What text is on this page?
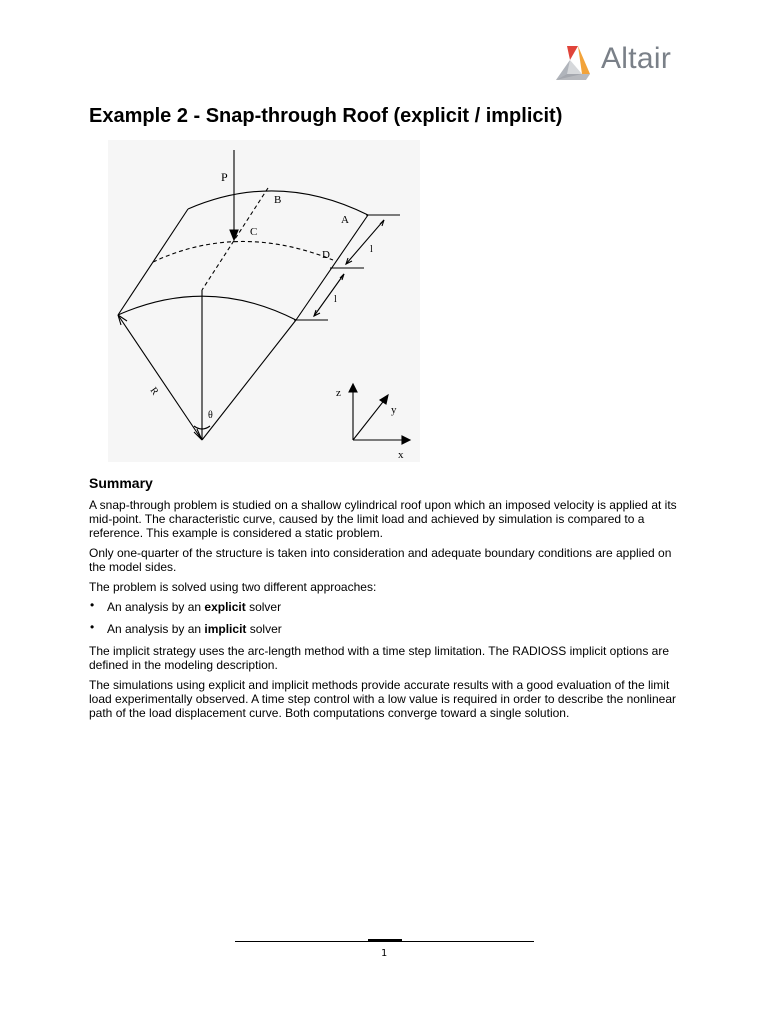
Altair
Example 2 - Snap-through Roof (explicit / implicit)
P
B
A
C
D	l
l
R
θ
z
y
x
Summary

A snap-through problem is studied on a shallow cylindrical roof upon which an imposed velocity is applied at its mid-point. The characteristic curve, caused by the limit load and achieved by simulation is compared to a reference. This example is considered a static problem.

Only one-quarter of the structure is taken into consideration and adequate boundary conditions are applied on the model sides.

The problem is solved using two different approaches:

• An analysis by an explicit solver
• An analysis by an implicit solver

The implicit strategy uses the arc-length method with a time step limitation. The RADIOSS implicit options are defined in the modeling description.

The simulations using explicit and implicit methods provide accurate results with a good evaluation of the limit load experimentally observed. A time step control with a low value is required in order to describe the nonlinear path of the load displacement curve. Both computations converge toward a single solution.

1
